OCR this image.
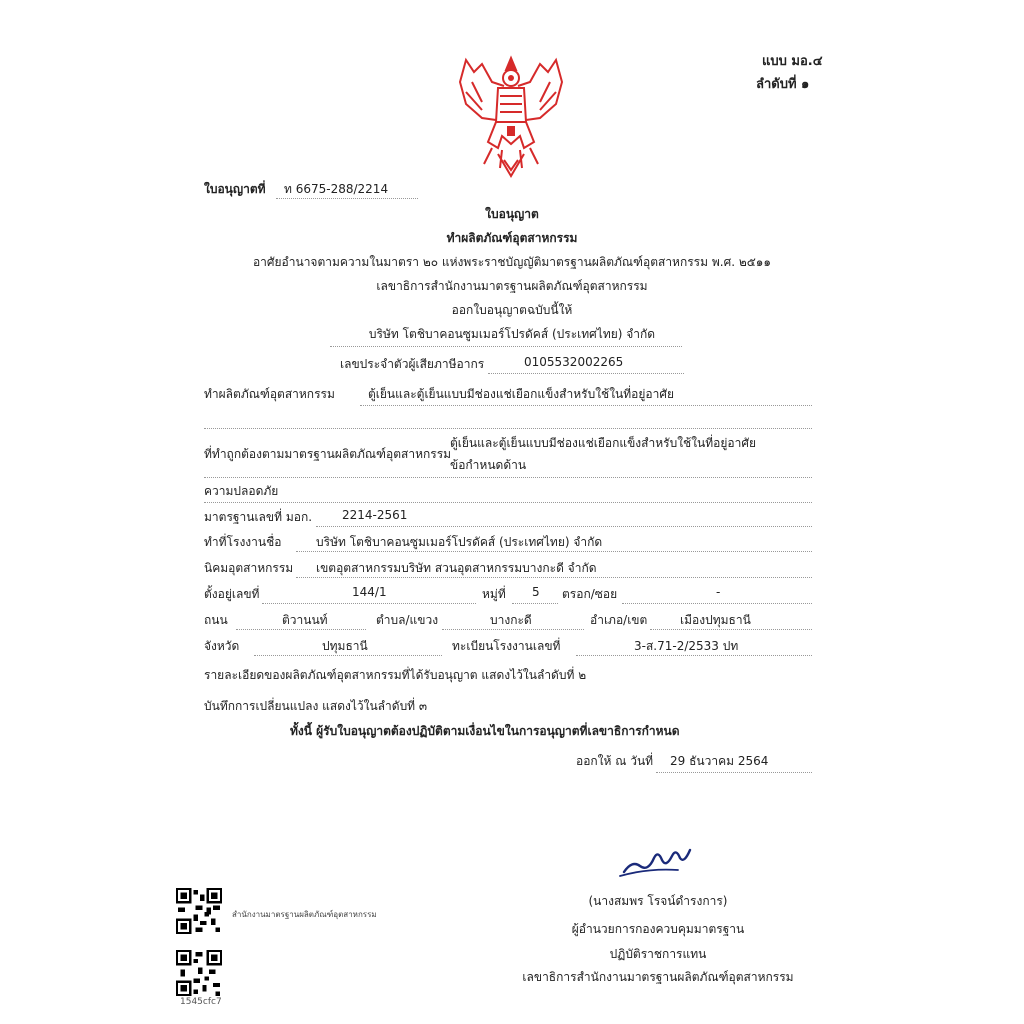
แบบ มอ.๔
ลำดับที่ ๑
ใบอนุญาตที่ ท 6675-288/2214
ใบอนุญาต
ทำผลิตภัณฑ์อุตสาหกรรม
อาศัยอำนาจตามความในมาตรา ๒๐ แห่งพระราชบัญญัติมาตรฐานผลิตภัณฑ์อุตสาหกรรม พ.ศ. ๒๕๑๑
เลขาธิการสำนักงานมาตรฐานผลิตภัณฑ์อุตสาหกรรม
ออกใบอนุญาตฉบับนี้ให้
บริษัท โตชิบาคอนซูมเมอร์โปรดัคส์ (ประเทศไทย) จำกัด
เลขประจำตัวผู้เสียภาษีอากร	0105532002265
ทำผลิตภัณฑ์อุตสาหกรรม	ตู้เย็นและตู้เย็นแบบมีช่องแช่เยือกแข็งสำหรับใช้ในที่อยู่อาศัย
ที่ทำถูกต้องตามมาตรฐานผลิตภัณฑ์อุตสาหกรรม
ตู้เย็นและตู้เย็นแบบมีช่องแช่เยือกแข็งสำหรับใช้ในที่อยู่อาศัย
ข้อกำหนดด้าน
ความปลอดภัย
มาตรฐานเลขที่ มอก. 2214-2561
ทำที่โรงงานชื่อ	บริษัท โตชิบาคอนซูมเมอร์โปรดัคส์ (ประเทศไทย) จำกัด
นิคมอุตสาหกรรม เขตอุตสาหกรรมบริษัท สวนอุตสาหกรรมบางกะดี จำกัด
ตั้งอยู่เลขที่	144/1	หมู่ที่ 5 ตรอก/ซอย	-
ถนน	ติวานนท์	ตำบล/แขวง	บางกะดี	อำเภอ/เขต	เมืองปทุมธานี
จังหวัด	ปทุมธานี	ทะเบียนโรงงานเลขที่	3-ส.71-2/2533 ปท
รายละเอียดของผลิตภัณฑ์อุตสาหกรรมที่ได้รับอนุญาต แสดงไว้ในลำดับที่ ๒
บันทึกการเปลี่ยนแปลง แสดงไว้ในลำดับที่ ๓
ทั้งนี้ ผู้รับใบอนุญาตต้องปฏิบัติตามเงื่อนไขในการอนุญาตที่เลขาธิการกำหนด
ออกให้ ณ วันที่ 29 ธันวาคม 2564
(นางสมพร โรจน์ดำรงการ)
ผู้อำนวยการกองควบคุมมาตรฐาน
ปฏิบัติราชการแทน
เลขาธิการสำนักงานมาตรฐานผลิตภัณฑ์อุตสาหกรรม
สำนักงานมาตรฐานผลิตภัณฑ์อุตสาหกรรม
1545cfc7
